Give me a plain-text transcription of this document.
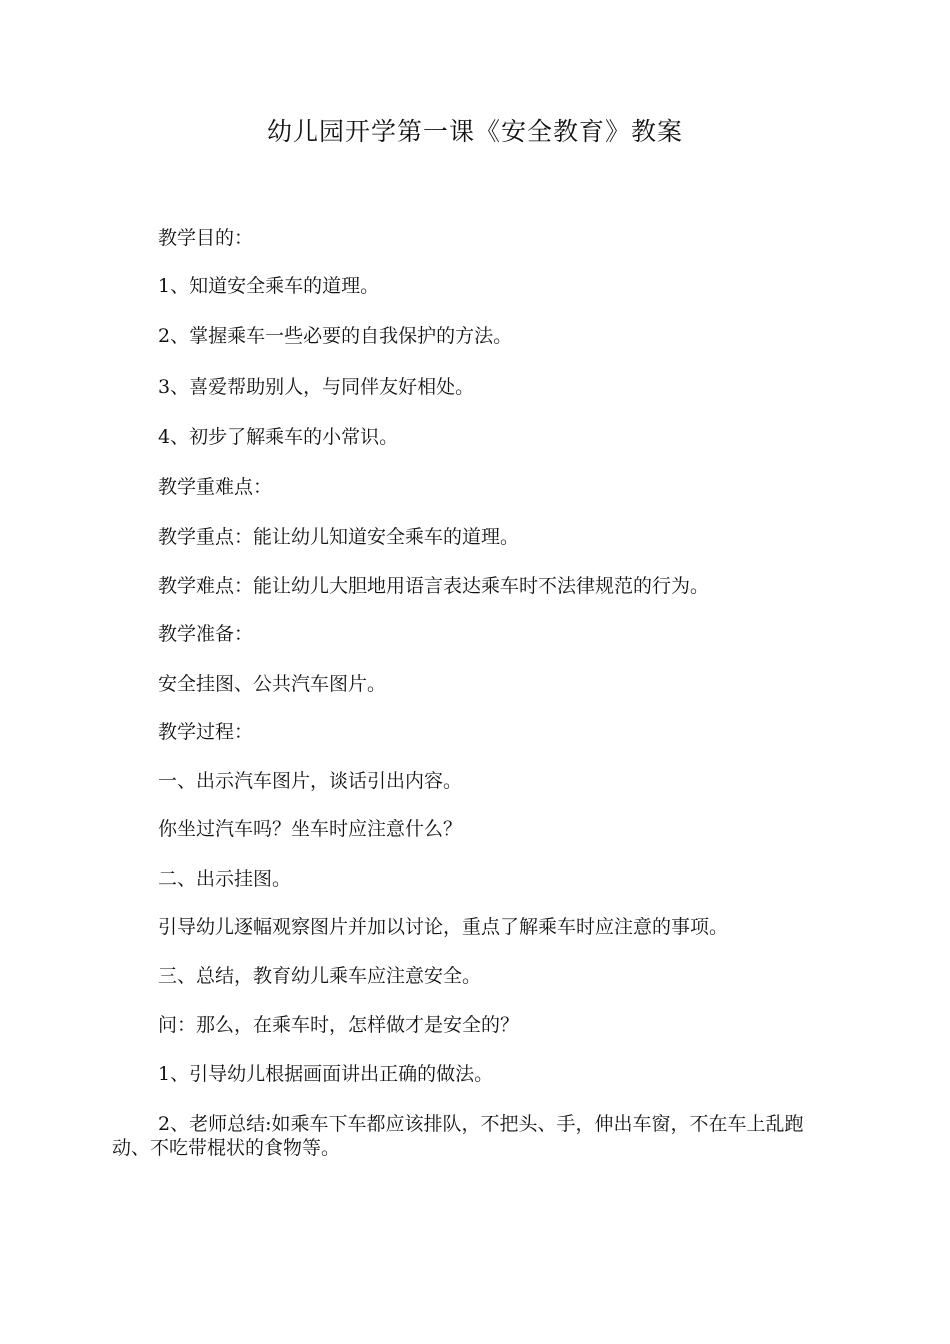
幼儿园开学第一课《安全教育》教案

教学目的：

1、知道安全乘车的道理。

2、掌握乘车一些必要的自我保护的方法。

3、喜爱帮助别人，与同伴友好相处。

4、初步了解乘车的小常识。

教学重难点：

教学重点：能让幼儿知道安全乘车的道理。

教学难点：能让幼儿大胆地用语言表达乘车时不法律规范的行为。

教学准备：

安全挂图、公共汽车图片。

教学过程：

一、出示汽车图片，谈话引出内容。

你坐过汽车吗？坐车时应注意什么？

二、出示挂图。

引导幼儿逐幅观察图片并加以讨论，重点了解乘车时应注意的事项。

三、总结，教育幼儿乘车应注意安全。

问：那么，在乘车时，怎样做才是安全的？

1、引导幼儿根据画面讲出正确的做法。

2、老师总结:如乘车下车都应该排队，不把头、手，伸出车窗，不在车上乱跑动、不吃带棍状的食物等。
